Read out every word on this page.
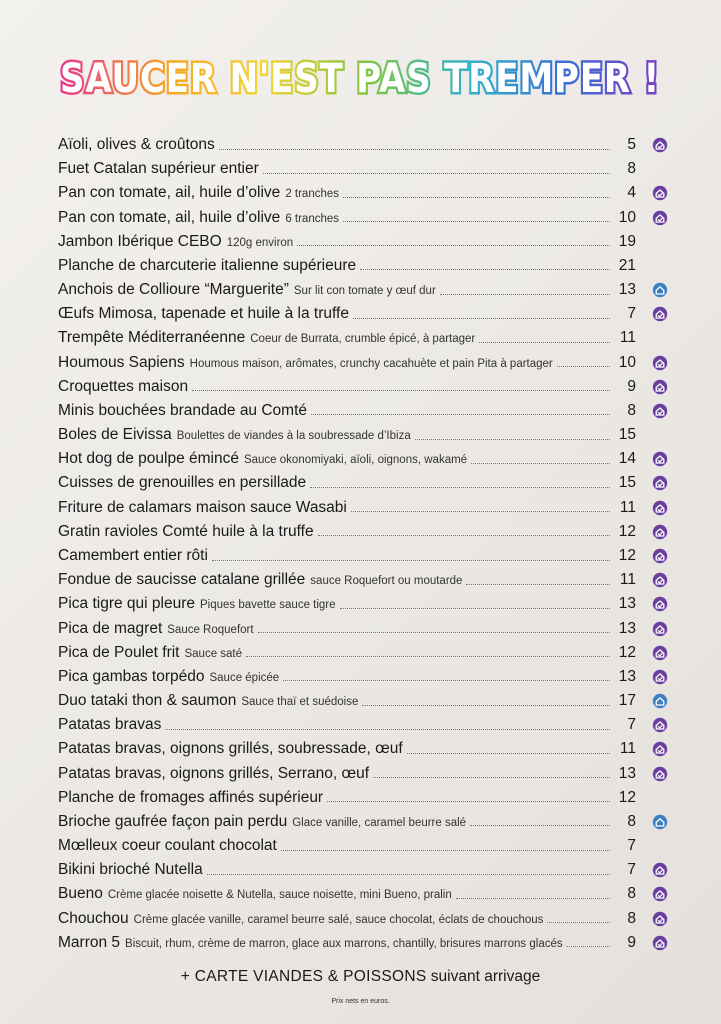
SAUCER N'EST PAS TREMPER !
Aïoli, olives & croûtons	5
Fuet Catalan supérieur entier	8
Pan con tomate, ail, huile d’olive 2 tranches	4
Pan con tomate, ail, huile d’olive 6 tranches	10
Jambon Ibérique CEBO 120g environ	19
Planche de charcuterie italienne supérieure	21
Anchois de Collioure “Marguerite” Sur lit con tomate y œuf dur	13
Œufs Mimosa, tapenade et huile à la truffe	7
Trempête Méditerranéenne Coeur de Burrata, crumble épicé, à partager	11
Houmous Sapiens Houmous maison, arômates, crunchy cacahuète et pain Pita à partager	10
Croquettes maison	9
Minis bouchées brandade au Comté	8
Boles de Eivissa Boulettes de viandes à la soubressade d’Ibiza	15
Hot dog de poulpe émincé Sauce okonomiyaki, aïoli, oignons, wakamé	14
Cuisses de grenouilles en persillade	15
Friture de calamars maison sauce Wasabi	11
Gratin ravioles Comté huile à la truffe	12
Camembert entier rôti	12
Fondue de saucisse catalane grillée sauce Roquefort ou moutarde	11
Pica tigre qui pleure Piques bavette sauce tigre	13
Pica de magret Sauce Roquefort	13
Pica de Poulet frit Sauce saté	12
Pica gambas torpédo Sauce épicée	13
Duo tataki thon & saumon Sauce thaï et suédoise	17
Patatas bravas	7
Patatas bravas, oignons grillés, soubressade, œuf	11
Patatas bravas, oignons grillés, Serrano, œuf	13
Planche de fromages affinés supérieur	12
Brioche gaufrée façon pain perdu Glace vanille, caramel beurre salé	8
Mœlleux coeur coulant chocolat	7
Bikini brioché Nutella	7
Bueno Crème glacée noisette & Nutella, sauce noisette, mini Bueno, pralin	8
Chouchou Crème glacée vanille, caramel beurre salé, sauce chocolat, éclats de chouchous	8
Marron 5 Biscuit, rhum, crème de marron, glace aux marrons, chantilly, brisures marrons glacés	9
+ CARTE VIANDES & POISSONS suivant arrivage
Prix nets en euros.
